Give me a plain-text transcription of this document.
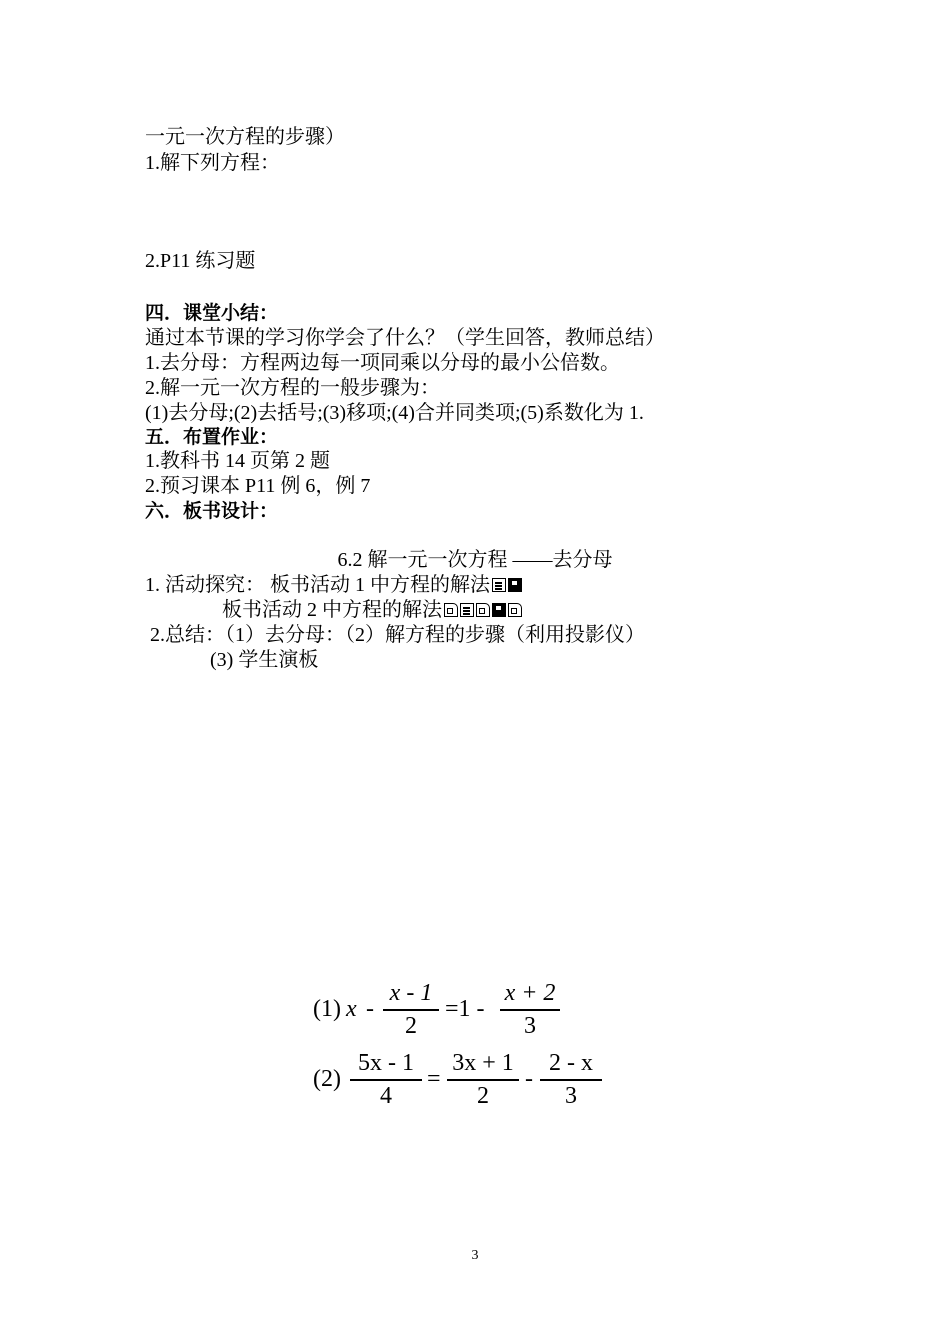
一元一次方程的步骤）
1.解下列方程：
2.P11 练习题
四．课堂小结：
通过本节课的学习你学会了什么？（学生回答，教师总结）
1.去分母：方程两边每一项同乘以分母的最小公倍数。
2.解一元一次方程的一般步骤为：
(1)去分母;(2)去括号;(3)移项;(4)合并同类项;(5)系数化为 1.
五．布置作业：
1.教科书 14 页第 2 题
2.预习课本 P11 例 6，例 7
六．板书设计：
6.2 解一元一次方程 ——去分母
1. 活动探究： 板书活动 1 中方程的解法
板书活动 2 中方程的解法
2.总结：（1）去分母：（2）解方程的步骤（利用投影仪）
(3) 学生演板
(1) x -
x - 1
2
=1 -
x + 2
3
(2)
5x - 1
4
=
3x + 1
2
-
2 - x
3
3
